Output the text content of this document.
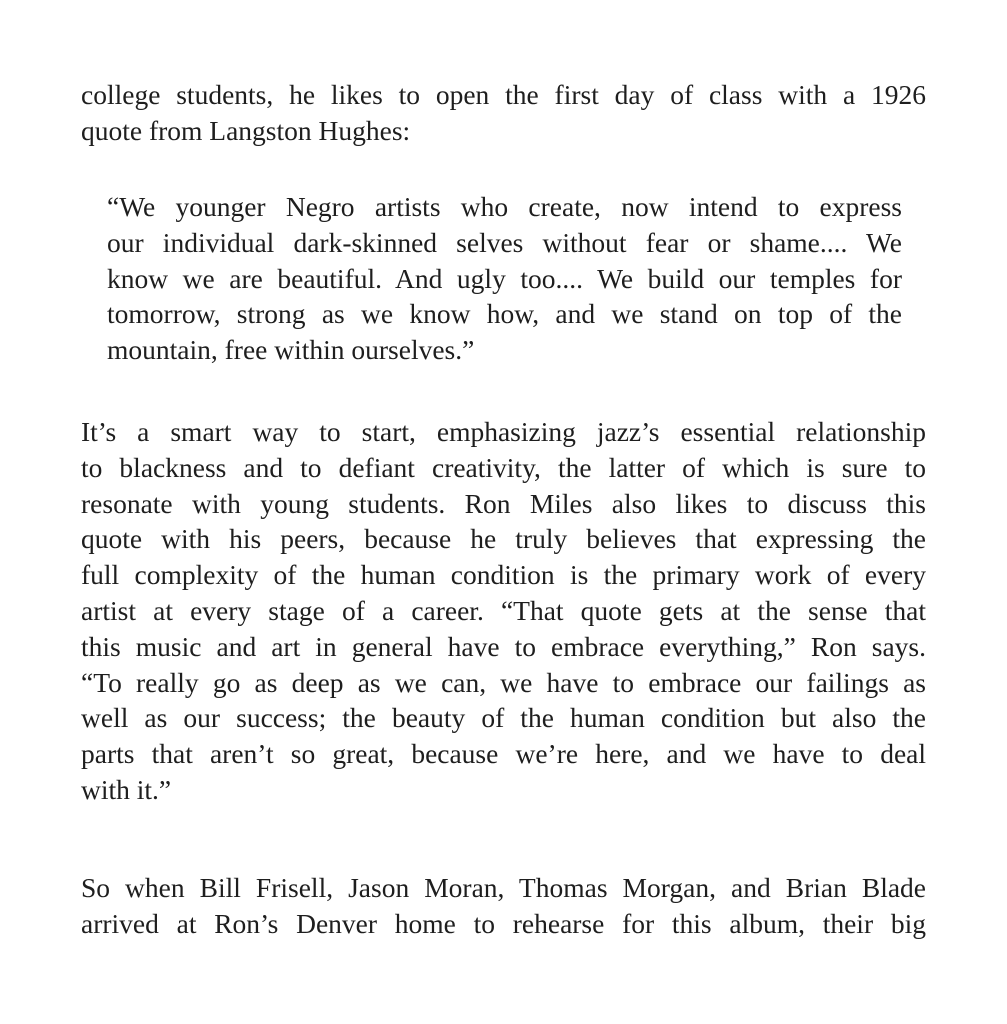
college students, he likes to open the first day of class with a 1926
quote from Langston Hughes:
“We younger Negro artists who create, now intend to express
our individual dark-skinned selves without fear or shame.... We
know we are beautiful. And ugly too.... We build our temples for
tomorrow, strong as we know how, and we stand on top of the
mountain, free within ourselves.”
It’s a smart way to start, emphasizing jazz’s essential relationship
to blackness and to defiant creativity, the latter of which is sure to
resonate with young students. Ron Miles also likes to discuss this
quote with his peers, because he truly believes that expressing the
full complexity of the human condition is the primary work of every
artist at every stage of a career. “That quote gets at the sense that
this music and art in general have to embrace everything,” Ron says.
“To really go as deep as we can, we have to embrace our failings as
well as our success; the beauty of the human condition but also the
parts that aren’t so great, because we’re here, and we have to deal
with it.”
So when Bill Frisell, Jason Moran, Thomas Morgan, and Brian Blade
arrived at Ron’s Denver home to rehearse for this album, their big
